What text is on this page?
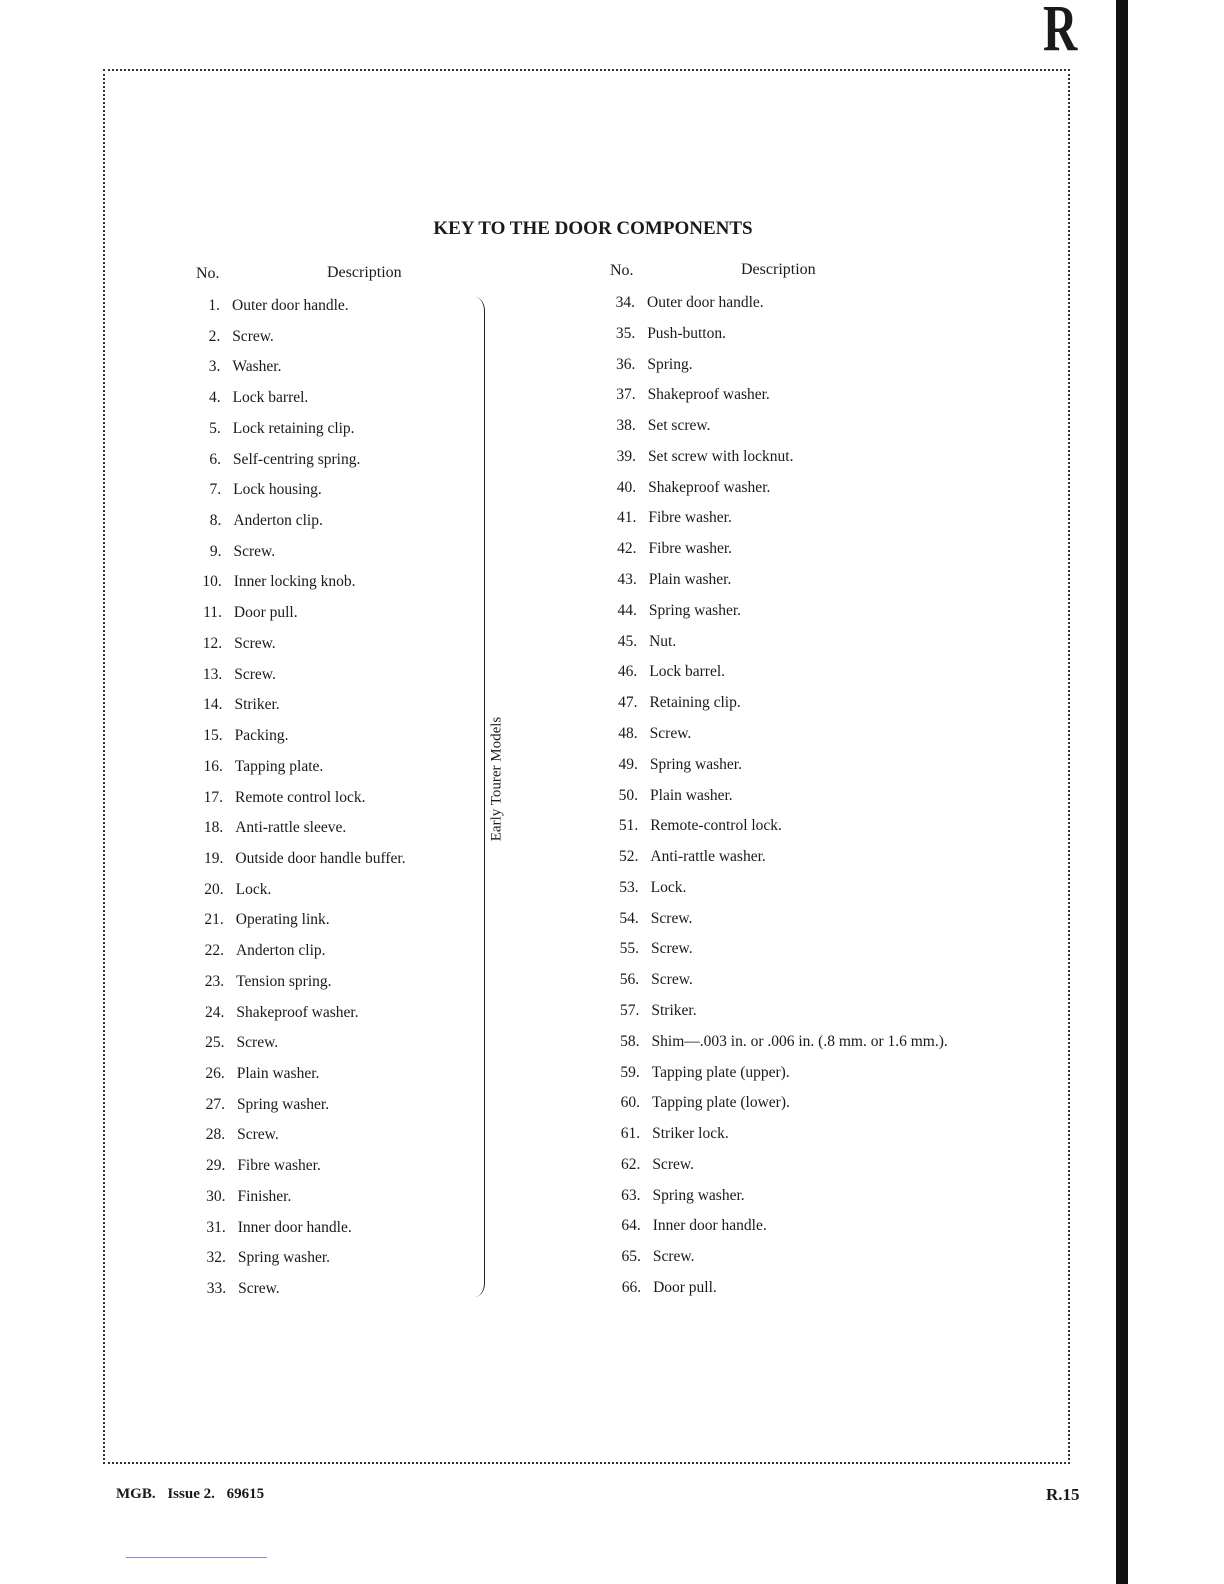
R
KEY TO THE DOOR COMPONENTS
No.	Description	No.	Description
1. Outer door handle.
2. Screw.
3. Washer.
4. Lock barrel.
5. Lock retaining clip.
6. Self-centring spring.
7. Lock housing.
8. Anderton clip.
9. Screw.
10. Inner locking knob.
11. Door pull.
12. Screw.
13. Screw.
14. Striker.
15. Packing.
16. Tapping plate.
17. Remote control lock.
18. Anti-rattle sleeve.
19. Outside door handle buffer.
20. Lock.
21. Operating link.
22. Anderton clip.
23. Tension spring.
24. Shakeproof washer.
25. Screw.
26. Plain washer.
27. Spring washer.
28. Screw.
29. Fibre washer.
30. Finisher.
31. Inner door handle.
32. Spring washer.
33. Screw.
34. Outer door handle.
35. Push-button.
36. Spring.
37. Shakeproof washer.
38. Set screw.
39. Set screw with locknut.
40. Shakeproof washer.
41. Fibre washer.
42. Fibre washer.
43. Plain washer.
44. Spring washer.
45. Nut.
46. Lock barrel.
47. Retaining clip.
48. Screw.
49. Spring washer.
50. Plain washer.
51. Remote-control lock.
52. Anti-rattle washer.
53. Lock.
54. Screw.
55. Screw.
56. Screw.
57. Striker.
58. Shim—.003 in. or .006 in. (.8 mm. or 1.6 mm.).
59. Tapping plate (upper).
60. Tapping plate (lower).
61. Striker lock.
62. Screw.
63. Spring washer.
64. Inner door handle.
65. Screw.
66. Door pull.
Early Tourer Models
MGB. Issue 2. 69615	R.15
